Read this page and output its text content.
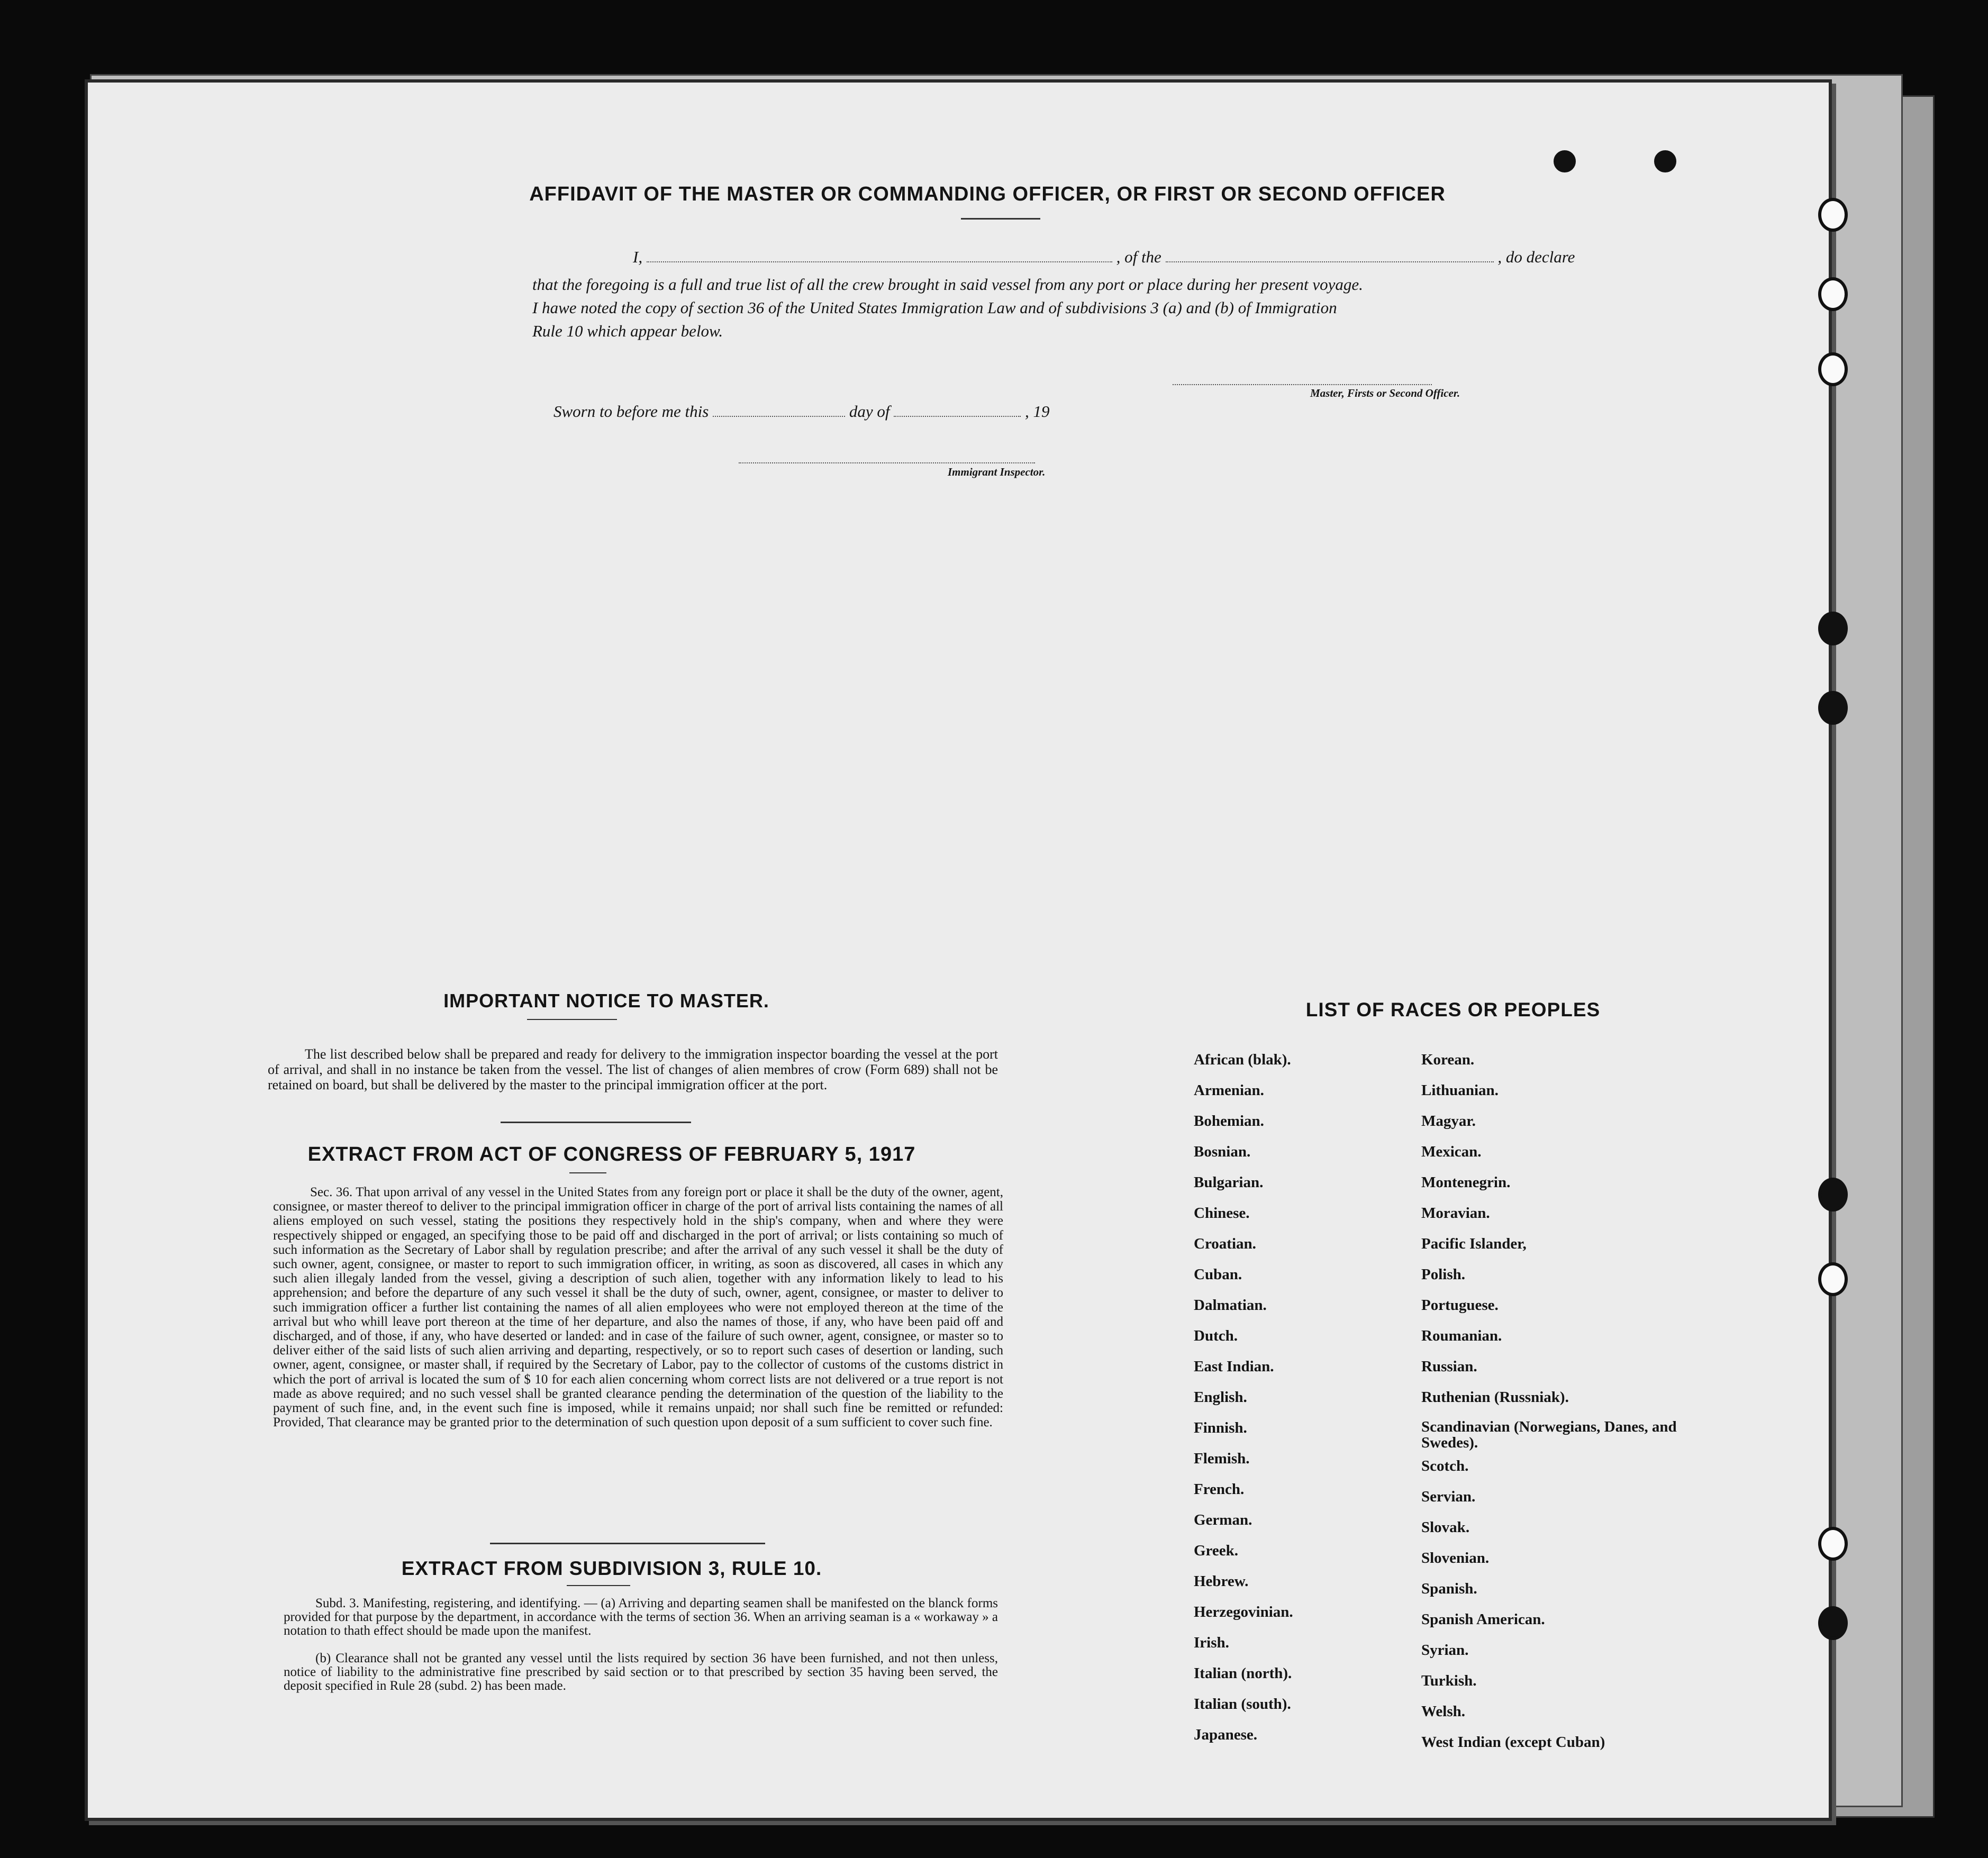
AFFIDAVIT OF THE MASTER OR COMMANDING OFFICER, OR FIRST OR SECOND OFFICER
I,	, of the	, do declare
that the foregoing is a full and true list of all the crew brought in said vessel from any port or place during her present voyage.
I hawe noted the copy of section 36 of the United States Immigration Law and of subdivisions 3 (a) and (b) of Immigration
Rule 10 which appear below.
Master, Firsts or Second Officer.
Sworn to before me this	day of	, 19
Immigrant Inspector.
IMPORTANT NOTICE TO MASTER.
The list described below shall be prepared and ready for delivery to the immigration inspector boarding the vessel at the port of arrival, and shall in no instance be taken from the vessel. The list of changes of alien membres of crow (Form 689) shall not be retained on board, but shall be delivered by the master to the principal immigration officer at the port.
EXTRACT FROM ACT OF CONGRESS OF FEBRUARY 5, 1917
Sec. 36. That upon arrival of any vessel in the United States from any foreign port or place it shall be the duty of the owner, agent, consignee, or master thereof to deliver to the principal immigration officer in charge of the port of arrival lists containing the names of all aliens employed on such vessel, stating the positions they respectively hold in the ship's company, when and where they were respectively shipped or engaged, an specifying those to be paid off and discharged in the port of arrival; or lists containing so much of such information as the Secretary of Labor shall by regulation prescribe; and after the arrival of any such vessel it shall be the duty of such owner, agent, consignee, or master to report to such immigration officer, in writing, as soon as discovered, all cases in which any such alien illegaly landed from the vessel, giving a description of such alien, together with any information likely to lead to his apprehension; and before the departure of any such vessel it shall be the duty of such, owner, agent, consignee, or master to deliver to such immigration officer a further list containing the names of all alien employees who were not employed thereon at the time of the arrival but who whill leave port thereon at the time of her departure, and also the names of those, if any, who have been paid off and discharged, and of those, if any, who have deserted or landed: and in case of the failure of such owner, agent, consignee, or master so to deliver either of the said lists of such alien arriving and departing, respectively, or so to report such cases of desertion or landing, such owner, agent, consignee, or master shall, if required by the Secretary of Labor, pay to the collector of customs of the customs district in which the port of arrival is located the sum of $ 10 for each alien concerning whom correct lists are not delivered or a true report is not made as above required; and no such vessel shall be granted clearance pending the determination of the question of the liability to the payment of such fine, and, in the event such fine is imposed, while it remains unpaid; nor shall such fine be remitted or refunded: Provided, That clearance may be granted prior to the determination of such question upon deposit of a sum sufficient to cover such fine.
EXTRACT FROM SUBDIVISION 3, RULE 10.
Subd. 3. Manifesting, registering, and identifying. — (a) Arriving and departing seamen shall be manifested on the blanck forms provided for that purpose by the department, in accordance with the terms of section 36. When an arriving seaman is a « workaway » a notation to thath effect should be made upon the manifest.
(b) Clearance shall not be granted any vessel until the lists required by section 36 have been furnished, and not then unless, notice of liability to the administrative fine prescribed by said section or to that prescribed by section 35 having been served, the deposit specified in Rule 28 (subd. 2) has been made.
LIST OF RACES OR PEOPLES
African (blak).
Armenian.
Bohemian.
Bosnian.
Bulgarian.
Chinese.
Croatian.
Cuban.
Dalmatian.
Dutch.
East Indian.
English.
Finnish.
Flemish.
French.
German.
Greek.
Hebrew.
Herzegovinian.
Irish.
Italian (north).
Italian (south).
Japanese.
Korean.
Lithuanian.
Magyar.
Mexican.
Montenegrin.
Moravian.
Pacific Islander,
Polish.
Portuguese.
Roumanian.
Russian.
Ruthenian (Russniak).
Scandinavian (Norwegians, Danes, and Swedes).
Scotch.
Servian.
Slovak.
Slovenian.
Spanish.
Spanish American.
Syrian.
Turkish.
Welsh.
West Indian (except Cuban)
